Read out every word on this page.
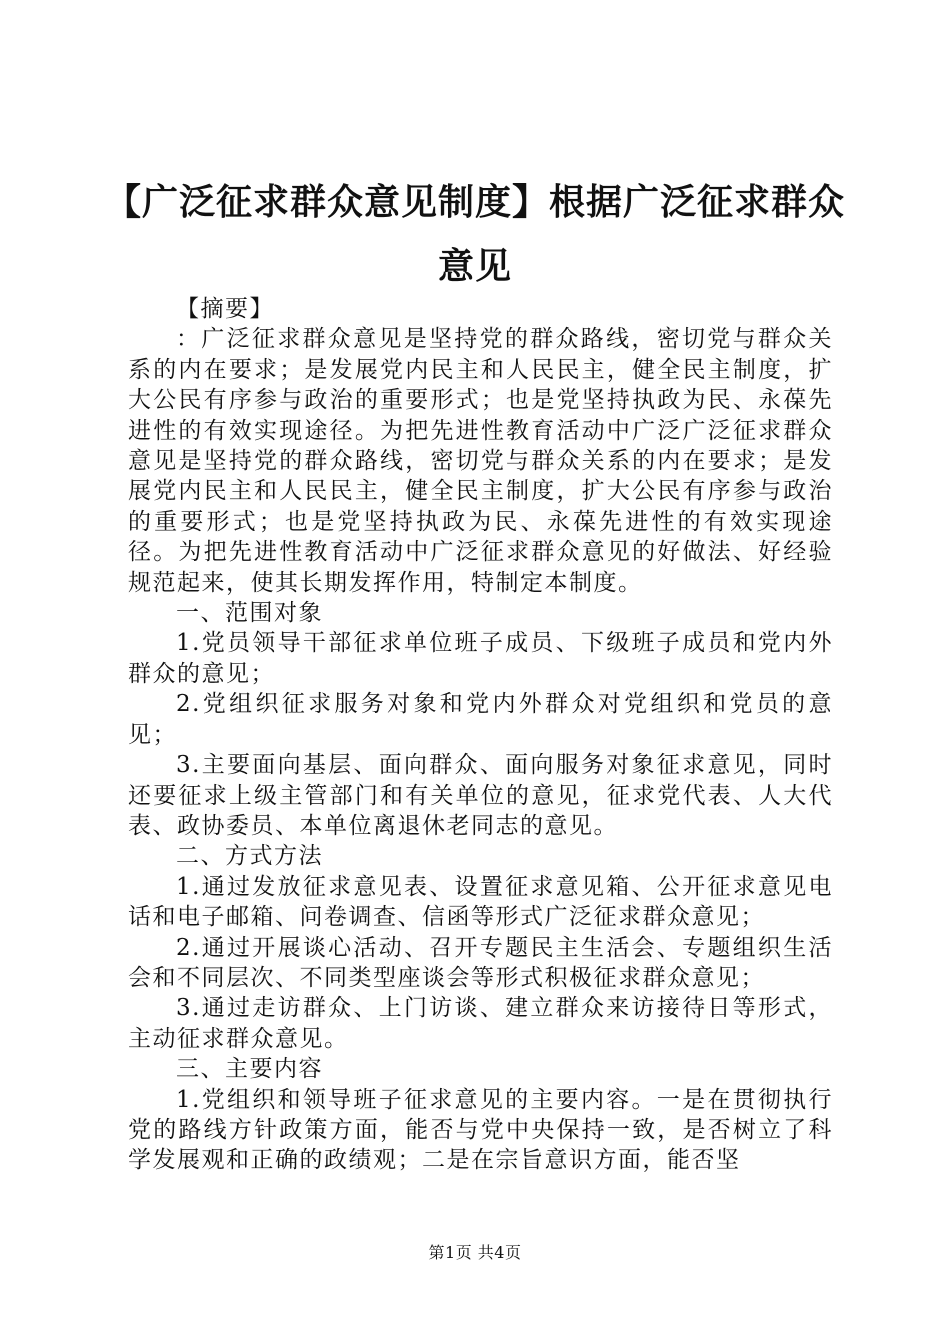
【广泛征求群众意见制度】根据广泛征求群众意见

【摘要】

：广泛征求群众意见是坚持党的群众路线，密切党与群众关系的内在要求；是发展党内民主和人民民主，健全民主制度，扩大公民有序参与政治的重要形式；也是党坚持执政为民、永葆先进性的有效实现途径。为把先进性教育活动中广泛广泛征求群众意见是坚持党的群众路线，密切党与群众关系的内在要求；是发展党内民主和人民民主，健全民主制度，扩大公民有序参与政治的重要形式；也是党坚持执政为民、永葆先进性的有效实现途径。为把先进性教育活动中广泛征求群众意见的好做法、好经验规范起来，使其长期发挥作用，特制定本制度。

一、范围对象

1.党员领导干部征求单位班子成员、下级班子成员和党内外群众的意见；

2.党组织征求服务对象和党内外群众对党组织和党员的意见；

3.主要面向基层、面向群众、面向服务对象征求意见，同时还要征求上级主管部门和有关单位的意见，征求党代表、人大代表、政协委员、本单位离退休老同志的意见。

二、方式方法

1.通过发放征求意见表、设置征求意见箱、公开征求意见电话和电子邮箱、问卷调查、信函等形式广泛征求群众意见；

2.通过开展谈心活动、召开专题民主生活会、专题组织生活会和不同层次、不同类型座谈会等形式积极征求群众意见；

3.通过走访群众、上门访谈、建立群众来访接待日等形式，主动征求群众意见。

三、主要内容

1.党组织和领导班子征求意见的主要内容。一是在贯彻执行党的路线方针政策方面，能否与党中央保持一致，是否树立了科学发展观和正确的政绩观；二是在宗旨意识方面，能否坚

第1页 共4页
